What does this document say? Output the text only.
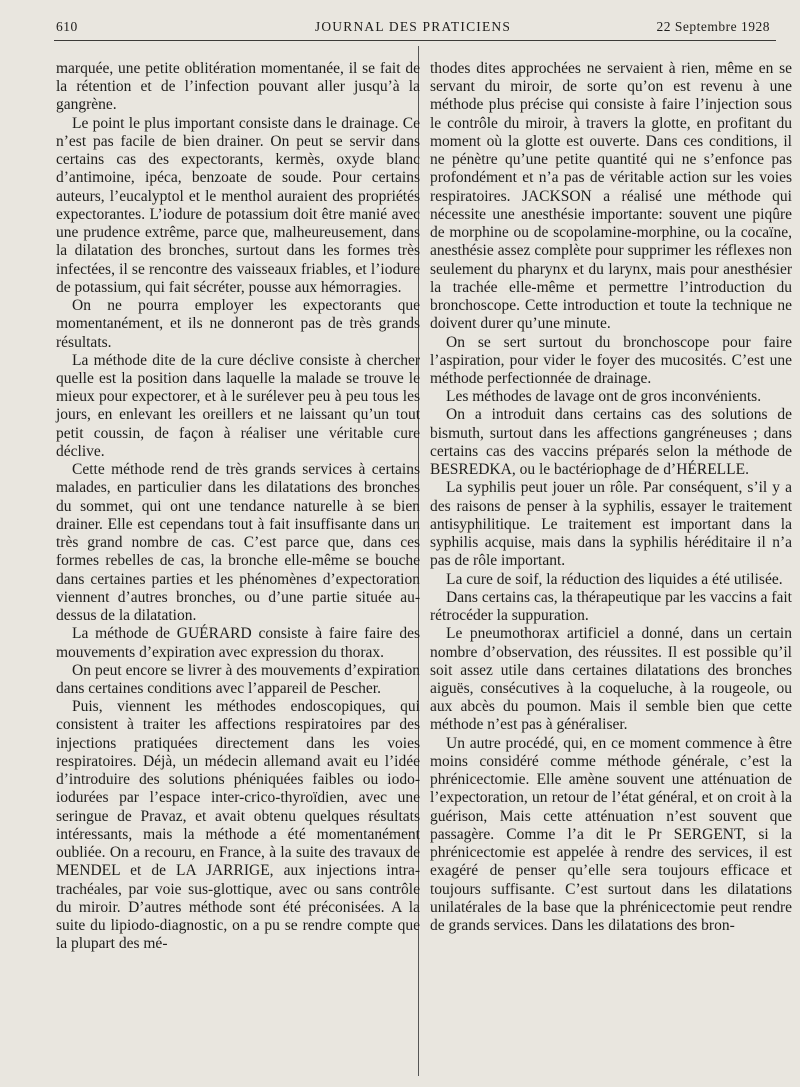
610	JOURNAL DES PRATICIENS	22 Septembre 1928

marquée, une petite oblitération momentanée, il se fait de la rétention et de l’infection pouvant aller jusqu’à la gangrène.

Le point le plus important consiste dans le drainage. Ce n’est pas facile de bien drainer. On peut se servir dans certains cas des expectorants, kermès, oxyde blanc d’antimoine, ipéca, benzoate de soude. Pour certains auteurs, l’eucalyptol et le menthol auraient des propriétés expectorantes. L’iodure de potassium doit être manié avec une prudence extrême, parce que, malheureusement, dans la dilatation des bronches, surtout dans les formes très infectées, il se rencontre des vaisseaux friables, et l’iodure de potassium, qui fait sécréter, pousse aux hémorragies.

On ne pourra employer les expectorants que momentanément, et ils ne donneront pas de très grands résultats.

La méthode dite de la cure déclive consiste à chercher quelle est la position dans laquelle la malade se trouve le mieux pour expectorer, et à le surélever peu à peu tous les jours, en enlevant les oreillers et ne laissant qu’un tout petit coussin, de façon à réaliser une véritable cure déclive.

Cette méthode rend de très grands services à certains malades, en particulier dans les dilatations des bronches du sommet, qui ont une tendance naturelle à se bien drainer. Elle est cependans tout à fait insuffisante dans un très grand nombre de cas. C’est parce que, dans ces formes rebelles de cas, la bronche elle-même se bouche dans certaines parties et les phénomènes d’expectoration viennent d’autres bronches, ou d’une partie située au-dessus de la dilatation.

La méthode de GUÉRARD consiste à faire faire des mouvements d’expiration avec expression du thorax.

On peut encore se livrer à des mouvements d’expiration dans certaines conditions avec l’appareil de Pescher.

Puis, viennent les méthodes endoscopiques, qui consistent à traiter les affections respiratoires par des injections pratiquées directement dans les voies respiratoires. Déjà, un médecin allemand avait eu l’idée d’introduire des solutions phéniquées faibles ou iodo-iodurées par l’espace inter-crico-thyroïdien, avec une seringue de Pravaz, et avait obtenu quelques résultats intéressants, mais la méthode a été momentanément oubliée. On a recouru, en France, à la suite des travaux de MENDEL et de LA JARRIGE, aux injections intra-trachéales, par voie sus-glottique, avec ou sans contrôle du miroir. D’autres méthode sont été préconisées. A la suite du lipiodo-diagnostic, on a pu se rendre compte que la plupart des mé-

thodes dites approchées ne servaient à rien, même en se servant du miroir, de sorte qu’on est revenu à une méthode plus précise qui consiste à faire l’injection sous le contrôle du miroir, à travers la glotte, en profitant du moment où la glotte est ouverte. Dans ces conditions, il ne pénètre qu’une petite quantité qui ne s’enfonce pas profondément et n’a pas de véritable action sur les voies respiratoires. JACKSON a réalisé une méthode qui nécessite une anesthésie importante: souvent une piqûre de morphine ou de scopolamine-morphine, ou la cocaïne, anesthésie assez complète pour supprimer les réflexes non seulement du pharynx et du larynx, mais pour anesthésier la trachée elle-même et permettre l’introduction du bronchoscope. Cette introduction et toute la technique ne doivent durer qu’une minute.

On se sert surtout du bronchoscope pour faire l’aspiration, pour vider le foyer des mucosités. C’est une méthode perfectionnée de drainage.

Les méthodes de lavage ont de gros inconvénients.

On a introduit dans certains cas des solutions de bismuth, surtout dans les affections gangréneuses ; dans certains cas des vaccins préparés selon la méthode de BESREDKA, ou le bactériophage de d’HÉRELLE.

La syphilis peut jouer un rôle. Par conséquent, s’il y a des raisons de penser à la syphilis, essayer le traitement antisyphilitique. Le traitement est important dans la syphilis acquise, mais dans la syphilis héréditaire il n’a pas de rôle important.

La cure de soif, la réduction des liquides a été utilisée.

Dans certains cas, la thérapeutique par les vaccins a fait rétrocéder la suppuration.

Le pneumothorax artificiel a donné, dans un certain nombre d’observation, des réussites. Il est possible qu’il soit assez utile dans certaines dilatations des bronches aiguës, consécutives à la coqueluche, à la rougeole, ou aux abcès du poumon. Mais il semble bien que cette méthode n’est pas à généraliser.

Un autre procédé, qui, en ce moment commence à être moins considéré comme méthode générale, c’est la phrénicectomie. Elle amène souvent une atténuation de l’expectoration, un retour de l’état général, et on croit à la guérison, Mais cette atténuation n’est souvent que passagère. Comme l’a dit le Pr SERGENT, si la phrénicectomie est appelée à rendre des services, il est exagéré de penser qu’elle sera toujours efficace et toujours suffisante. C’est surtout dans les dilatations unilatérales de la base que la phrénicectomie peut rendre de grands services. Dans les dilatations des bron-
